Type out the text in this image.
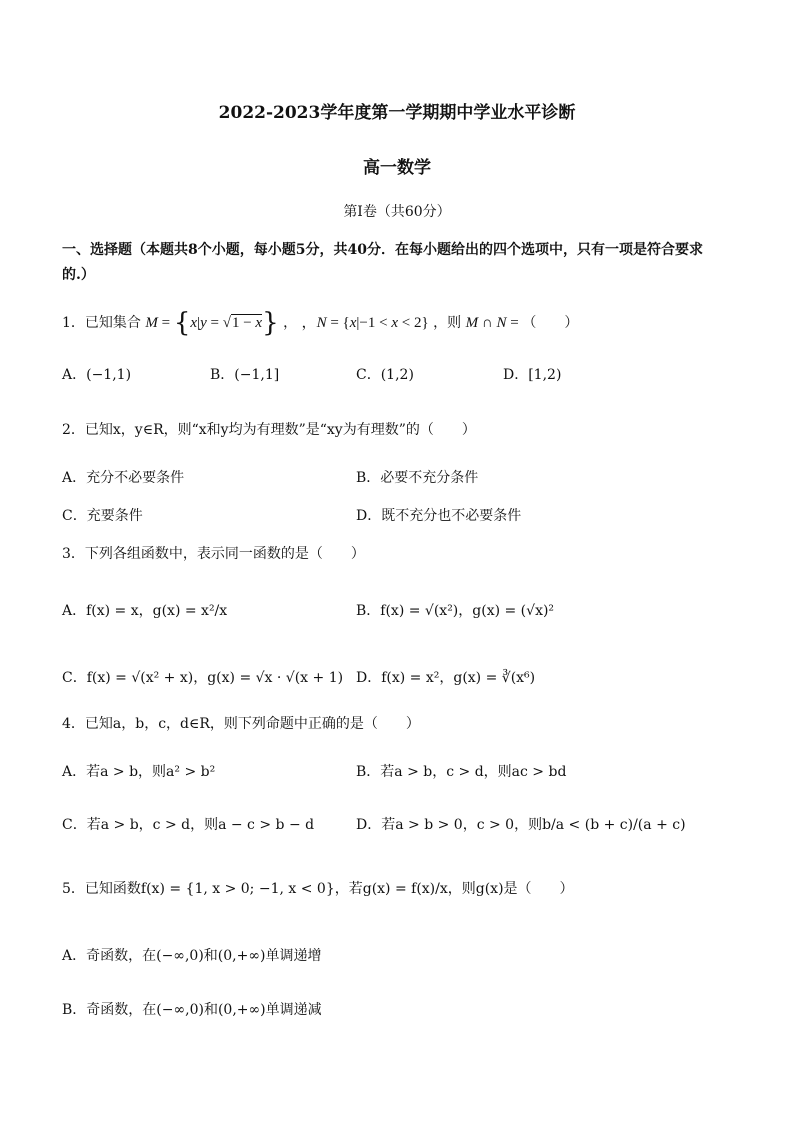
2022-2023学年度第一学期期中学业水平诊断
高一数学
第I卷（共60分）
一、选择题（本题共8个小题，每小题5分，共40分．在每小题给出的四个选项中，只有一项是符合要求
的.）
1．已知集合 M = {x|y = √1 − x} ， ，N = {x|−1 < x < 2} ，则 M ∩ N = （　　）
A．(−1,1)	B．(−1,1]	C．(1,2)	D．[1,2)
2．已知x，y∈R，则“x和y均为有理数”是“xy为有理数”的（　　）
A．充分不必要条件	B．必要不充分条件
C．充要条件	D．既不充分也不必要条件
3．下列各组函数中，表示同一函数的是（　　）
A．f(x) = x，g(x) = x²/x	B．f(x) = √(x²)，g(x) = (√x)²
C．f(x) = √(x² + x)，g(x) = √x · √(x + 1) D．f(x) = x²，g(x) = ∛(x⁶)
4．已知a，b，c，d∈R，则下列命题中正确的是（　　）
A．若a > b，则a² > b²	B．若a > b，c > d，则ac > bd
C．若a > b，c > d，则a − c > b − d	D．若a > b > 0，c > 0，则b/a < (b + c)/(a + c)
5．已知函数f(x) = {1, x > 0; −1, x < 0}，若g(x) = f(x)/x，则g(x)是（　　）
A．奇函数，在(−∞,0)和(0,+∞)单调递增
B．奇函数，在(−∞,0)和(0,+∞)单调递减
